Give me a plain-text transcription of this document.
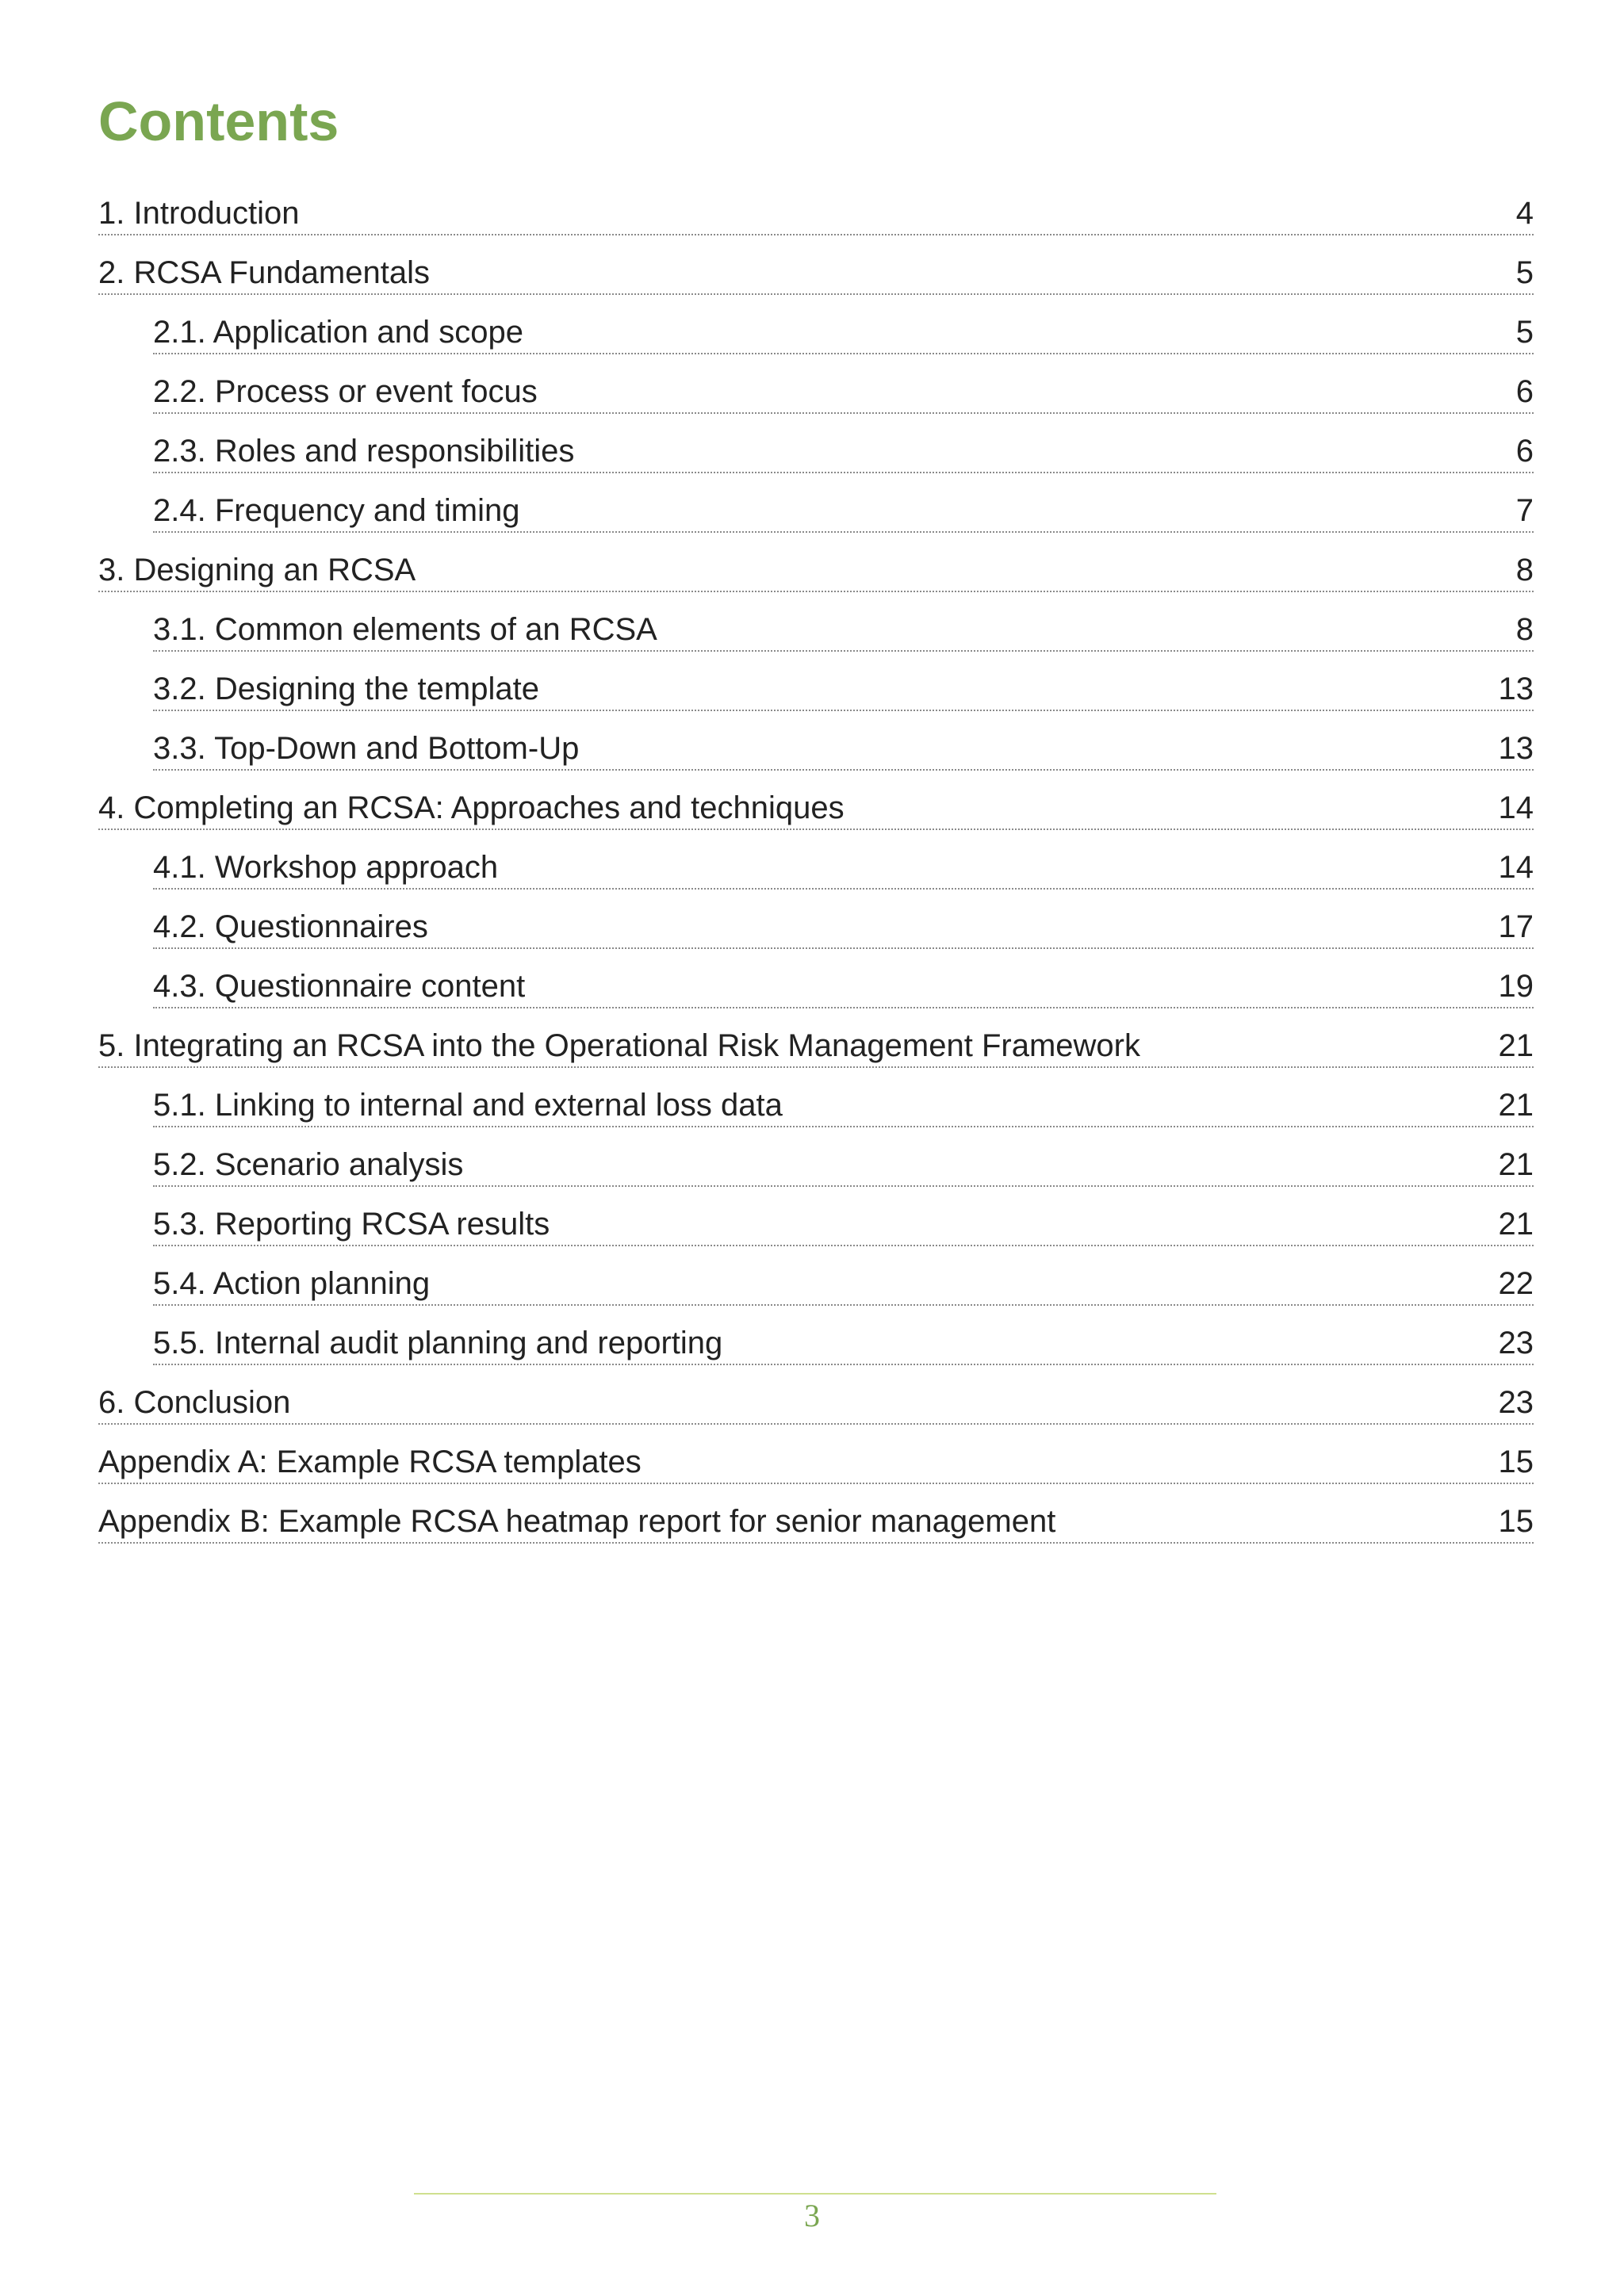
Contents
1. Introduction	4
2. RCSA Fundamentals	5
2.1. Application and scope	5
2.2. Process or event focus	6
2.3. Roles and responsibilities	6
2.4. Frequency and timing	7
3. Designing an RCSA	8
3.1. Common elements of an RCSA	8
3.2. Designing the template	13
3.3. Top-Down and Bottom-Up	13
4. Completing an RCSA: Approaches and techniques	14
4.1. Workshop approach	14
4.2. Questionnaires	17
4.3. Questionnaire content	19
5. Integrating an RCSA into the Operational Risk Management Framework	21
5.1. Linking to internal and external loss data	21
5.2. Scenario analysis	21
5.3. Reporting RCSA results	21
5.4. Action planning	22
5.5. Internal audit planning and reporting	23
6. Conclusion	23
Appendix A: Example RCSA templates	15
Appendix B: Example RCSA heatmap report for senior management	15
3
